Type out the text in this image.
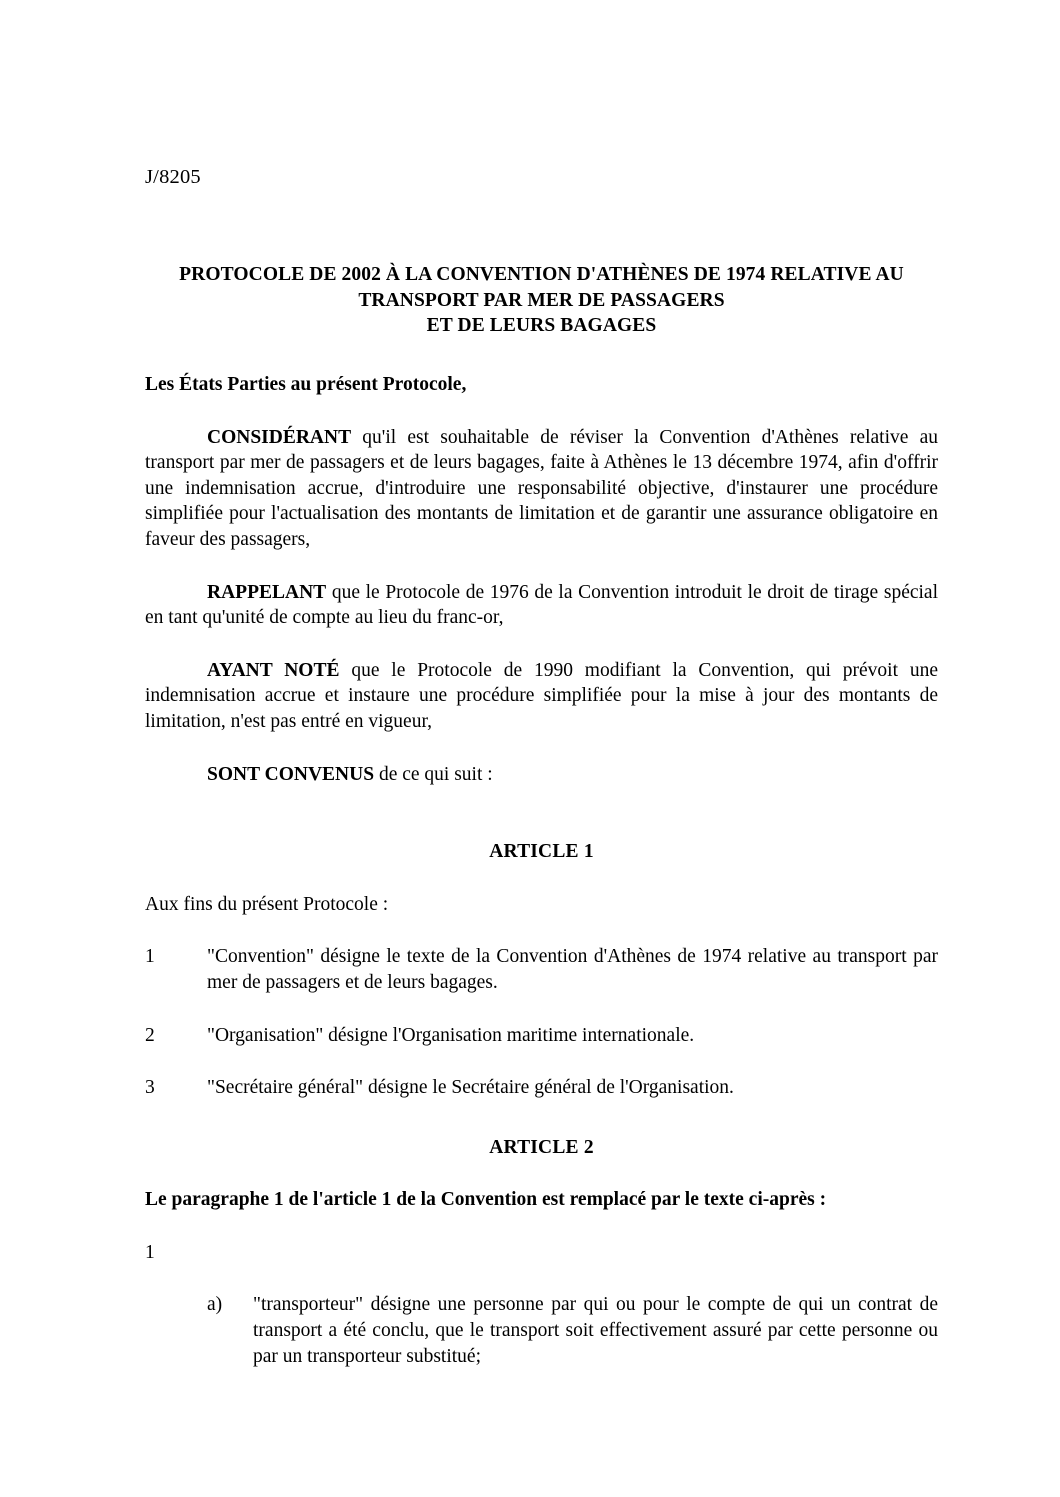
J/8205
PROTOCOLE DE 2002 À LA CONVENTION D'ATHÈNES DE 1974 RELATIVE AU
TRANSPORT PAR MER DE PASSAGERS
ET DE LEURS BAGAGES
Les États Parties au présent Protocole,

CONSIDÉRANT qu'il est souhaitable de réviser la Convention d'Athènes relative au transport par mer de passagers et de leurs bagages, faite à Athènes le 13 décembre 1974, afin d'offrir une indemnisation accrue, d'introduire une responsabilité objective, d'instaurer une procédure simplifiée pour l'actualisation des montants de limitation et de garantir une assurance obligatoire en faveur des passagers,

RAPPELANT que le Protocole de 1976 de la Convention introduit le droit de tirage spécial en tant qu'unité de compte au lieu du franc-or,

AYANT NOTÉ que le Protocole de 1990 modifiant la Convention, qui prévoit une indemnisation accrue et instaure une procédure simplifiée pour la mise à jour des montants de limitation, n'est pas entré en vigueur,

SONT CONVENUS de ce qui suit :

ARTICLE 1
Aux fins du présent Protocole :
1	"Convention" désigne le texte de la Convention d'Athènes de 1974 relative au transport par mer de passagers et de leurs bagages.
2	"Organisation" désigne l'Organisation maritime internationale.
3	"Secrétaire général" désigne le Secrétaire général de l'Organisation.
ARTICLE 2
Le paragraphe 1 de l'article 1 de la Convention est remplacé par le texte ci-après :
1
a) "transporteur" désigne une personne par qui ou pour le compte de qui un contrat de transport a été conclu, que le transport soit effectivement assuré par cette personne ou par un transporteur substitué;
